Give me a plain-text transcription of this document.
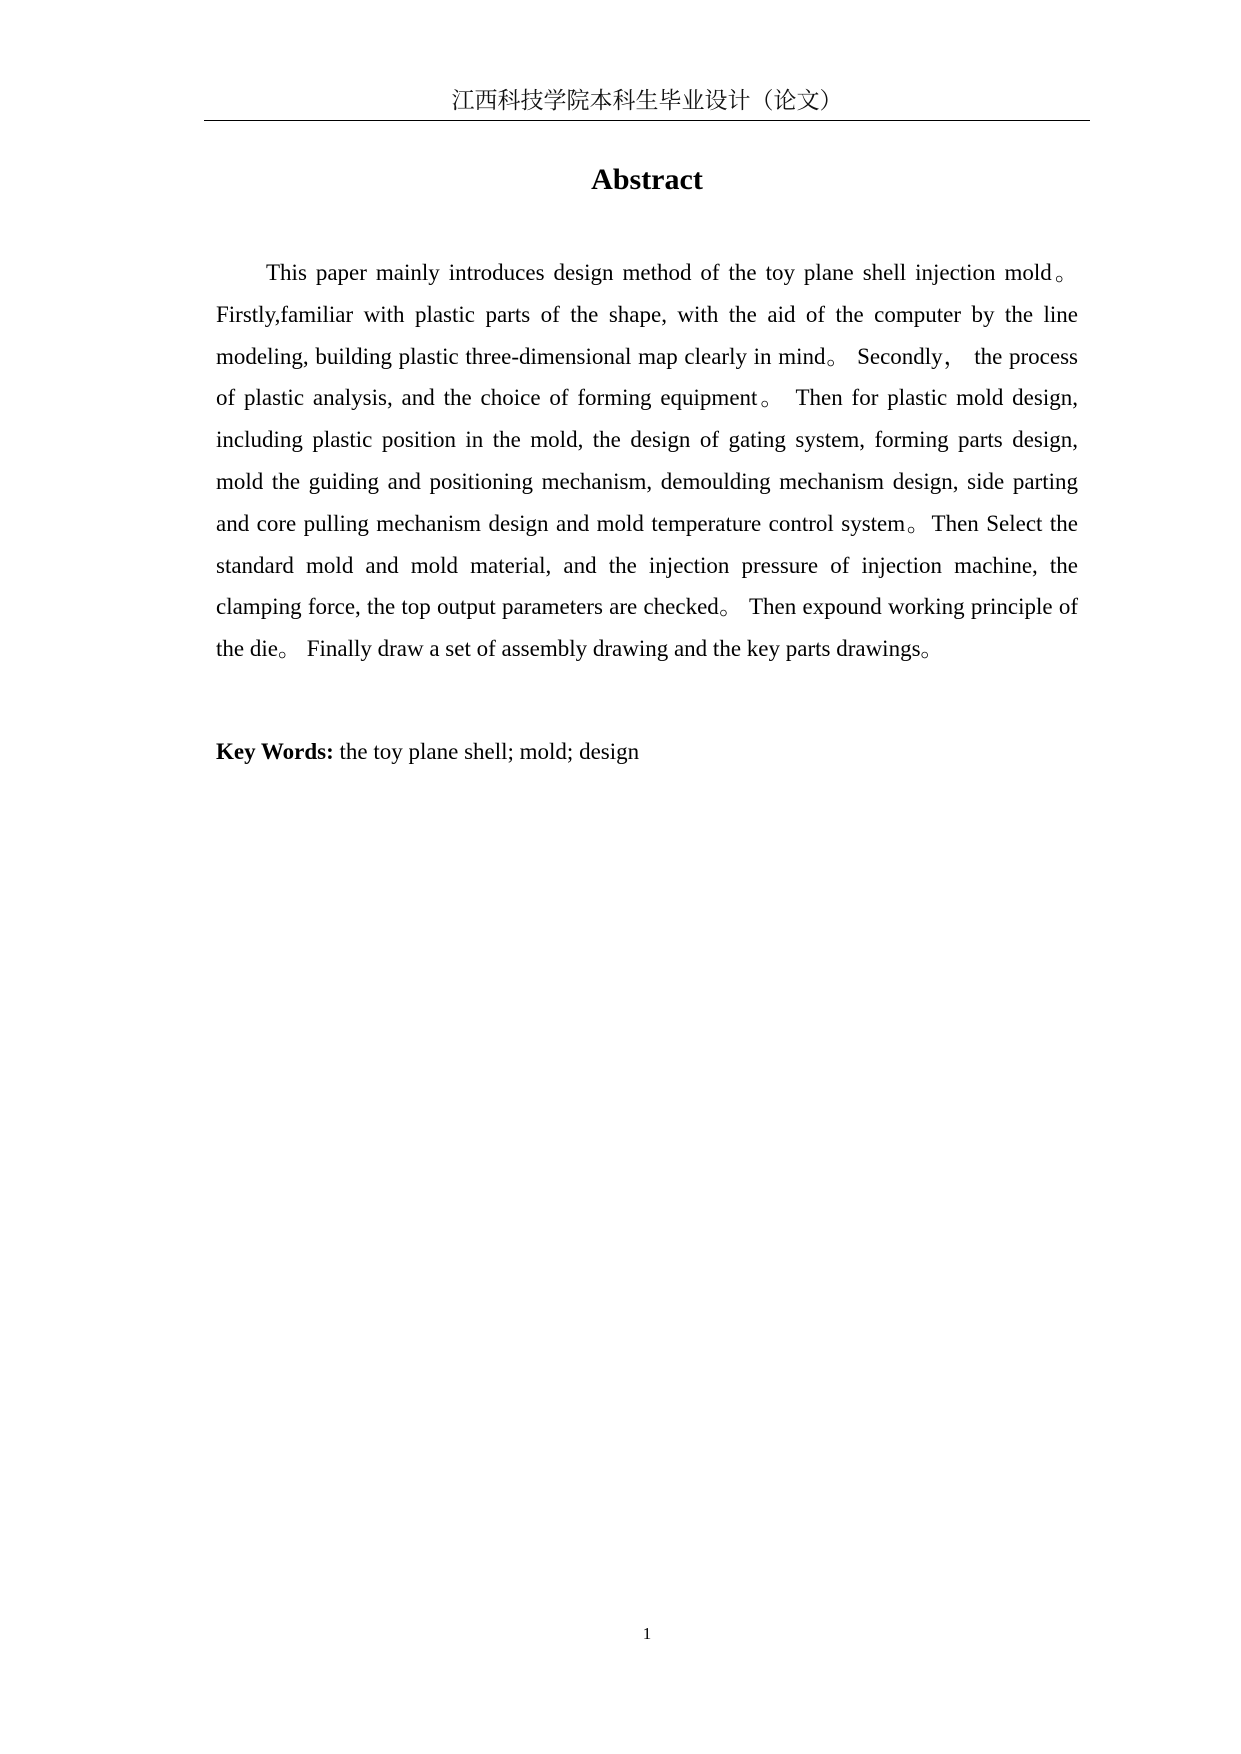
江西科技学院本科生毕业设计（论文）
Abstract

This paper mainly introduces design method of the toy plane shell injection mold。Firstly,familiar with plastic parts of the shape, with the aid of the computer by the line modeling, building plastic three-dimensional map clearly in mind。 Secondly， the process of plastic analysis, and the choice of forming equipment。 Then for plastic mold design, including plastic position in the mold, the design of gating system, forming parts design, mold the guiding and positioning mechanism, demoulding mechanism design, side parting and core pulling mechanism design and mold temperature control system。Then Select the standard mold and mold material, and the injection pressure of injection machine, the clamping force, the top output parameters are checked。 Then expound working principle of the die。 Finally draw a set of assembly drawing and the key parts drawings。

Key Words: the toy plane shell; mold; design

1
